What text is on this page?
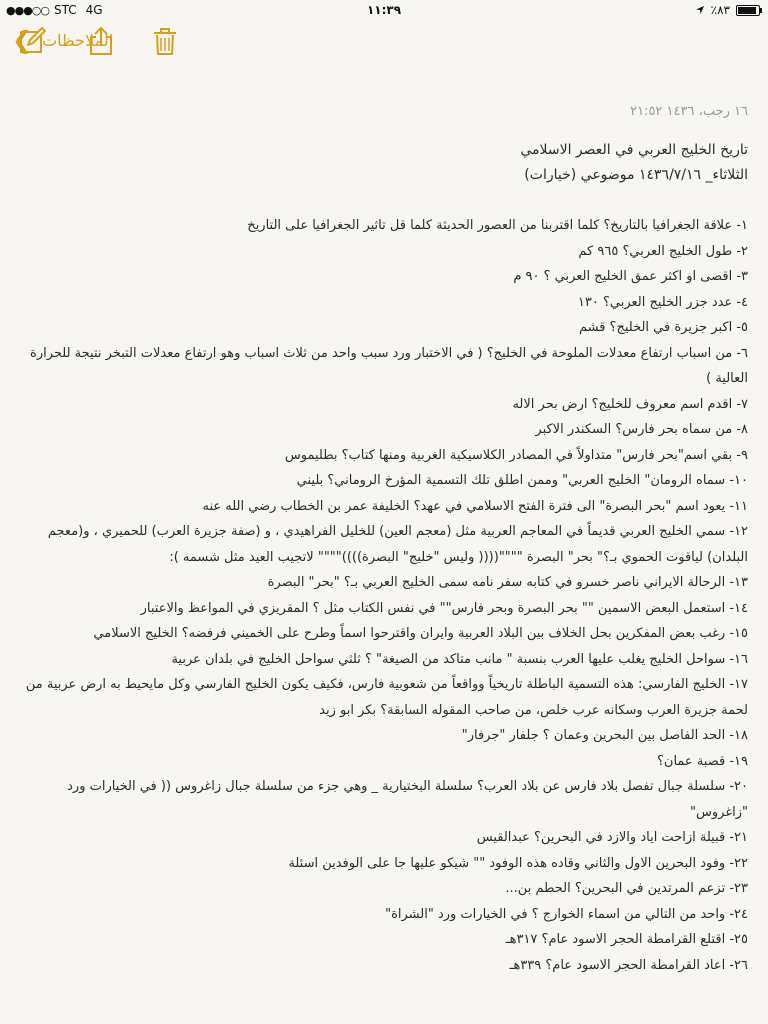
●●●○○ STC 4G	١١:٣٩	٪٨٣
❮ الملاحظات
١٦ رجب، ١٤٣٦ ٢١:٥٢
تاريخ الخليج العربي في العصر الاسلامي
الثلاثاء_ ١٤٣٦/٧/١٦ موضوعي (خيارات)
١- علاقة الجغرافيا بالتاريخ؟ كلما اقتربنا من العصور الحديثة كلما قل تاثير الجغرافيا على التاريخ
٢- طول الخليج العربي؟ ٩٦٥ كم
٣- اقصى او اكثر عمق الخليج العربي ؟ ٩٠ م
٤- عدد جزر الخليج العربي؟ ١٣٠
٥- اكبر جزيرة في الخليج؟ قشم
٦- من اسباب ارتفاع معدلات الملوحة في الخليج؟ ( في الاختبار ورد سبب واحد من ثلاث اسباب وهو ارتفاع معدلات التبخر نتيجة للحرارة العالية )
٧- اقدم اسم معروف للخليج؟ ارض بحر الاله
٨- من سماه بحر فارس؟ السكندر الاكبر
٩- بقي اسم"بحر فارس" متداولاً في المصادر الكلاسيكية الغربية ومنها كتاب؟ بطليموس
١٠- سماه الرومان" الخليج العربي" وممن اطلق تلك التسمية المؤرخ الروماني؟ بليني
١١- يعود اسم "بحر البصرة" الى فترة الفتح الاسلامي في عهد؟ الخليفة عمر بن الخطاب رضي الله عنه
١٢- سمي الخليج العربي قديماً في المعاجم العربية مثل (معجم العين) للخليل الفراهيدي ، و (صفة جزيرة العرب) للحميري ، و(معجم البلدان) لياقوت الحموي بـ؟" بحر" البصرة """"(((( وليس "خليج" البصرة))))"""" لاتجيب العيد مثل شسمه ):
١٣- الرحالة الايراني ناصر خسرو في كتابه سفر نامه سمى الخليج العربي بـ؟ "بحر" البصرة
١٤- استعمل البعض الاسمين "" بحر البصرة وبحر فارس"" في نفس الكتاب مثل ؟ المقريزي في المواعظ والاعتبار
١٥- رغب بعض المفكرين بحل الخلاف بين البلاد العربية وايران واقترحوا اسماً وطرح على الخميني فرفضه؟ الخليج الاسلامي
١٦- سواحل الخليج يغلب عليها العرب بنسبة " مانب متاكد من الصيغة" ؟ ثلثي سواحل الخليج في بلدان عربية
١٧- الخليج الفارسي: هذه التسمية الباطلة تاريخياً وواقعاً من شعوبية فارس، فكيف يكون الخليج الفارسي وكل مايحيط به ارض عربية من لحمة جزيرة العرب وسكانه عرب خلص، من صاحب المقوله السابقة؟ بكر ابو زيد
١٨- الحد الفاصل بين البحرين وعمان ؟ جلفار "جرفار"
١٩- قصبة عمان؟
٢٠- سلسلة جبال تفصل بلاد فارس عن بلاد العرب؟ سلسلة البختيارية _ وهي جزء من سلسلة جبال زاغروس (( في الخيارات ورد "زاغروس"
٢١- قبيلة ازاحت اياد والازد في البحرين؟ عبدالقيس
٢٢- وفود البحرين الاول والثاني وقاده هذه الوفود "" شيكو عليها جا على الوفدين اسئلة
٢٣- تزعم المرتدين في البحرين؟ الحطم بن...
٢٤- واحد من التالي من اسماء الخوارج ؟ في الخيارات ورد "الشراة"
٢٥- اقتلع القرامطة الحجر الاسود عام؟ ٣١٧هـ
٢٦- اعاد القرامطة الحجر الاسود عام؟ ٣٣٩هـ
